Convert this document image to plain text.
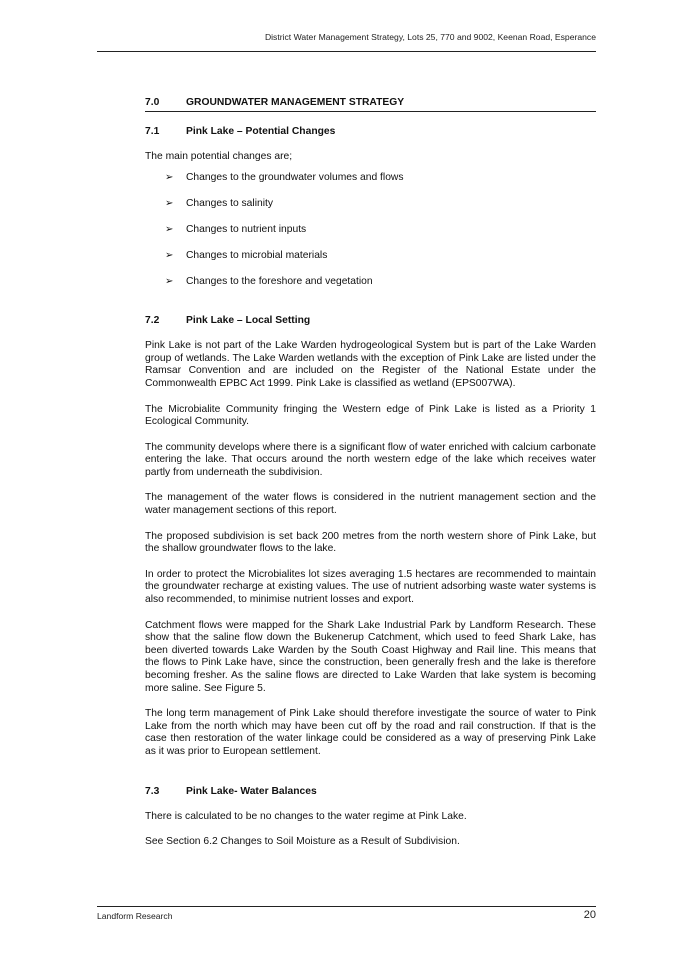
District Water Management Strategy, Lots 25, 770 and 9002, Keenan Road, Esperance
7.0	GROUNDWATER MANAGEMENT STRATEGY
7.1	Pink Lake – Potential Changes

The main potential changes are;

➢ Changes to the groundwater volumes and flows
➢ Changes to salinity
➢ Changes to nutrient inputs
➢ Changes to microbial materials
➢ Changes to the foreshore and vegetation
7.2	Pink Lake – Local Setting

Pink Lake is not part of the Lake Warden hydrogeological System but is part of the Lake Warden group of wetlands. The Lake Warden wetlands with the exception of Pink Lake are listed under the Ramsar Convention and are included on the Register of the National Estate under the Commonwealth EPBC Act 1999. Pink Lake is classified as wetland (EPS007WA).

The Microbialite Community fringing the Western edge of Pink Lake is listed as a Priority 1 Ecological Community.

The community develops where there is a significant flow of water enriched with calcium carbonate entering the lake. That occurs around the north western edge of the lake which receives water partly from underneath the subdivision.

The management of the water flows is considered in the nutrient management section and the water management sections of this report.

The proposed subdivision is set back 200 metres from the north western shore of Pink Lake, but the shallow groundwater flows to the lake.

In order to protect the Microbialites lot sizes averaging 1.5 hectares are recommended to maintain the groundwater recharge at existing values. The use of nutrient adsorbing waste water systems is also recommended, to minimise nutrient losses and export.

Catchment flows were mapped for the Shark Lake Industrial Park by Landform Research. These show that the saline flow down the Bukenerup Catchment, which used to feed Shark Lake, has been diverted towards Lake Warden by the South Coast Highway and Rail line. This means that the flows to Pink Lake have, since the construction, been generally fresh and the lake is therefore becoming fresher. As the saline flows are directed to Lake Warden that lake system is becoming more saline. See Figure 5.

The long term management of Pink Lake should therefore investigate the source of water to Pink Lake from the north which may have been cut off by the road and rail construction. If that is the case then restoration of the water linkage could be considered as a way of preserving Pink Lake as it was prior to European settlement.

7.3	Pink Lake- Water Balances

There is calculated to be no changes to the water regime at Pink Lake.

See Section 6.2 Changes to Soil Moisture as a Result of Subdivision.

Landform Research	20
